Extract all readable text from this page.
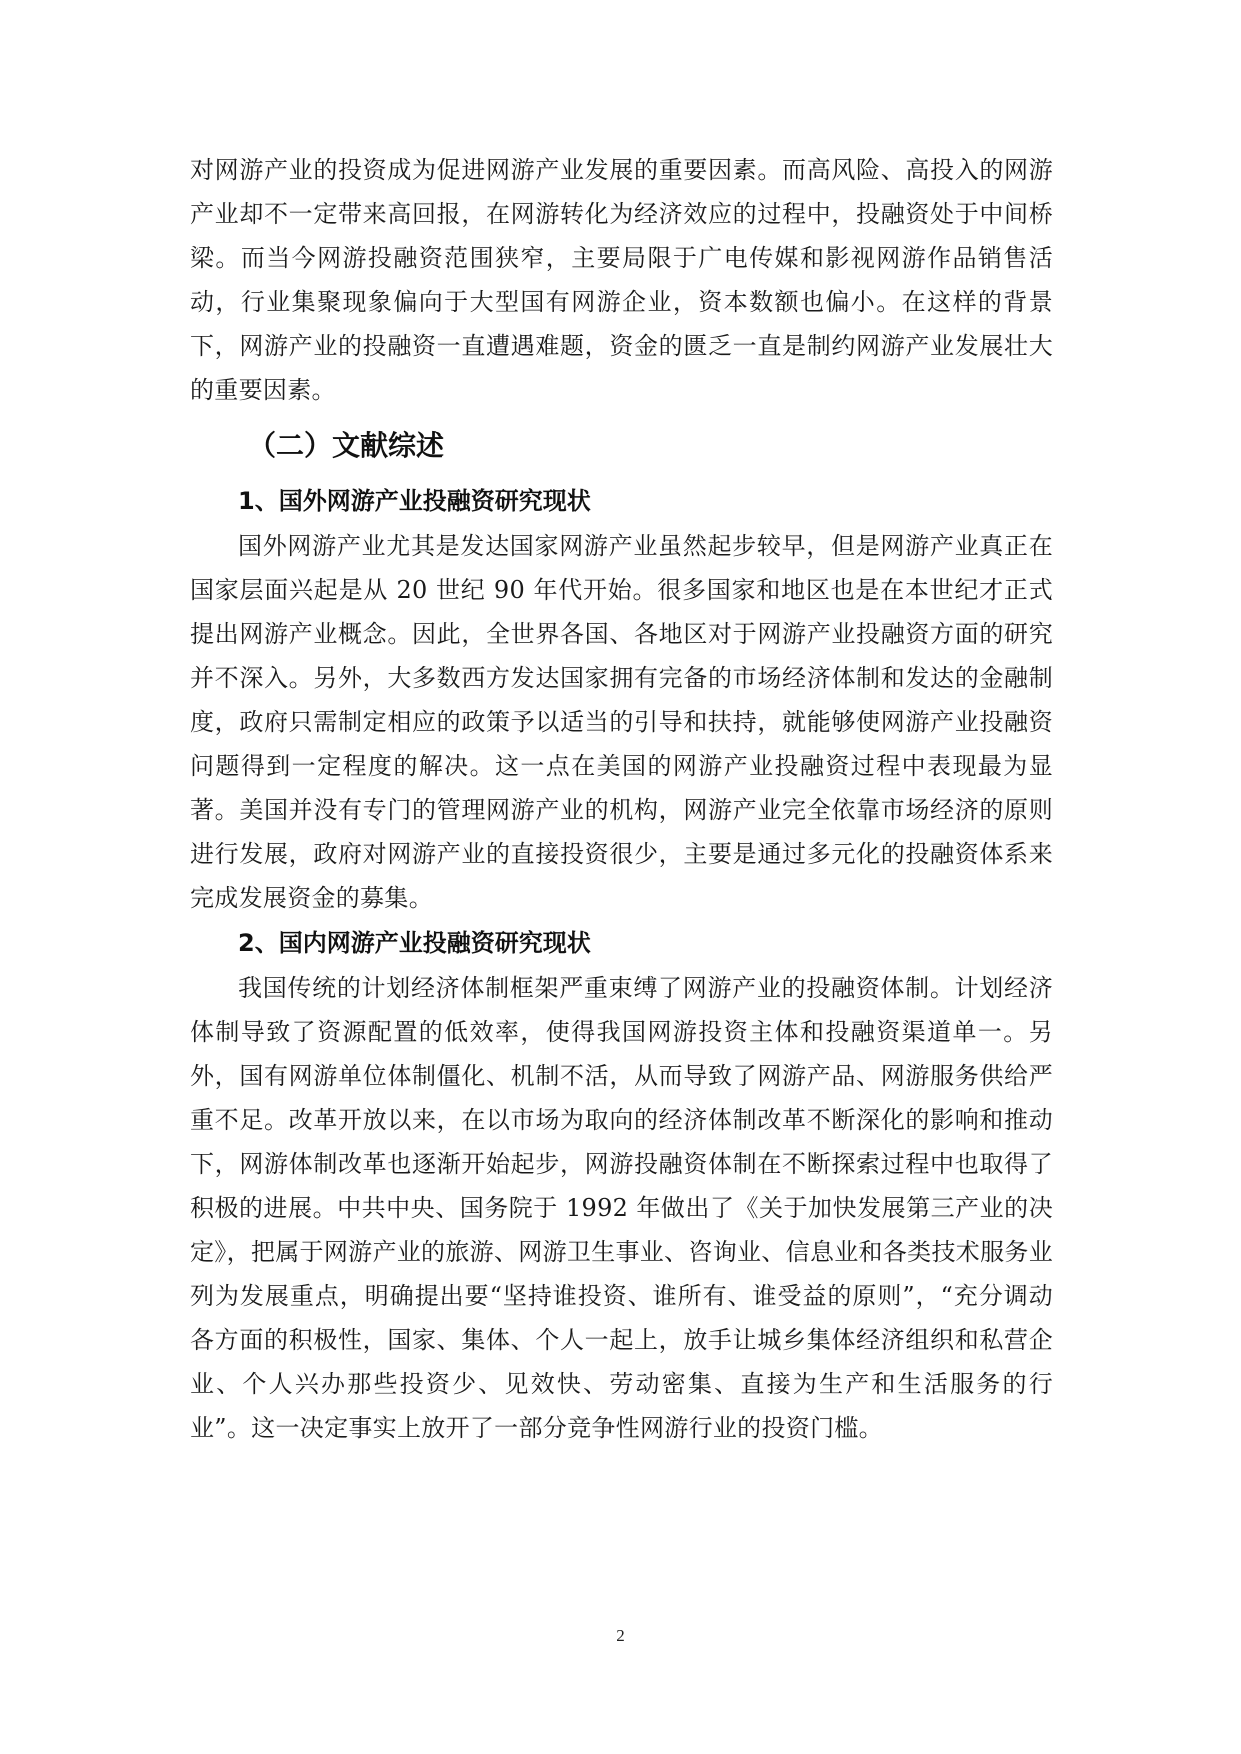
对网游产业的投资成为促进网游产业发展的重要因素。而高风险、高投入的网游产业却不一定带来高回报，在网游转化为经济效应的过程中，投融资处于中间桥梁。而当今网游投融资范围狭窄，主要局限于广电传媒和影视网游作品销售活动，行业集聚现象偏向于大型国有网游企业，资本数额也偏小。在这样的背景下，网游产业的投融资一直遭遇难题，资金的匮乏一直是制约网游产业发展壮大的重要因素。

（二）文献综述
1、国外网游产业投融资研究现状

国外网游产业尤其是发达国家网游产业虽然起步较早，但是网游产业真正在国家层面兴起是从 20 世纪 90 年代开始。很多国家和地区也是在本世纪才正式提出网游产业概念。因此，全世界各国、各地区对于网游产业投融资方面的研究并不深入。另外，大多数西方发达国家拥有完备的市场经济体制和发达的金融制度，政府只需制定相应的政策予以适当的引导和扶持，就能够使网游产业投融资问题得到一定程度的解决。这一点在美国的网游产业投融资过程中表现最为显著。美国并没有专门的管理网游产业的机构，网游产业完全依靠市场经济的原则进行发展，政府对网游产业的直接投资很少，主要是通过多元化的投融资体系来完成发展资金的募集。

2、国内网游产业投融资研究现状

我国传统的计划经济体制框架严重束缚了网游产业的投融资体制。计划经济体制导致了资源配置的低效率，使得我国网游投资主体和投融资渠道单一。另外，国有网游单位体制僵化、机制不活，从而导致了网游产品、网游服务供给严重不足。改革开放以来，在以市场为取向的经济体制改革不断深化的影响和推动下，网游体制改革也逐渐开始起步，网游投融资体制在不断探索过程中也取得了积极的进展。中共中央、国务院于 1992 年做出了《关于加快发展第三产业的决定》，把属于网游产业的旅游、网游卫生事业、咨询业、信息业和各类技术服务业列为发展重点，明确提出要“坚持谁投资、谁所有、谁受益的原则”，“充分调动各方面的积极性，国家、集体、个人一起上，放手让城乡集体经济组织和私营企业、个人兴办那些投资少、见效快、劳动密集、直接为生产和生活服务的行业”。这一决定事实上放开了一部分竞争性网游行业的投资门槛。

2
